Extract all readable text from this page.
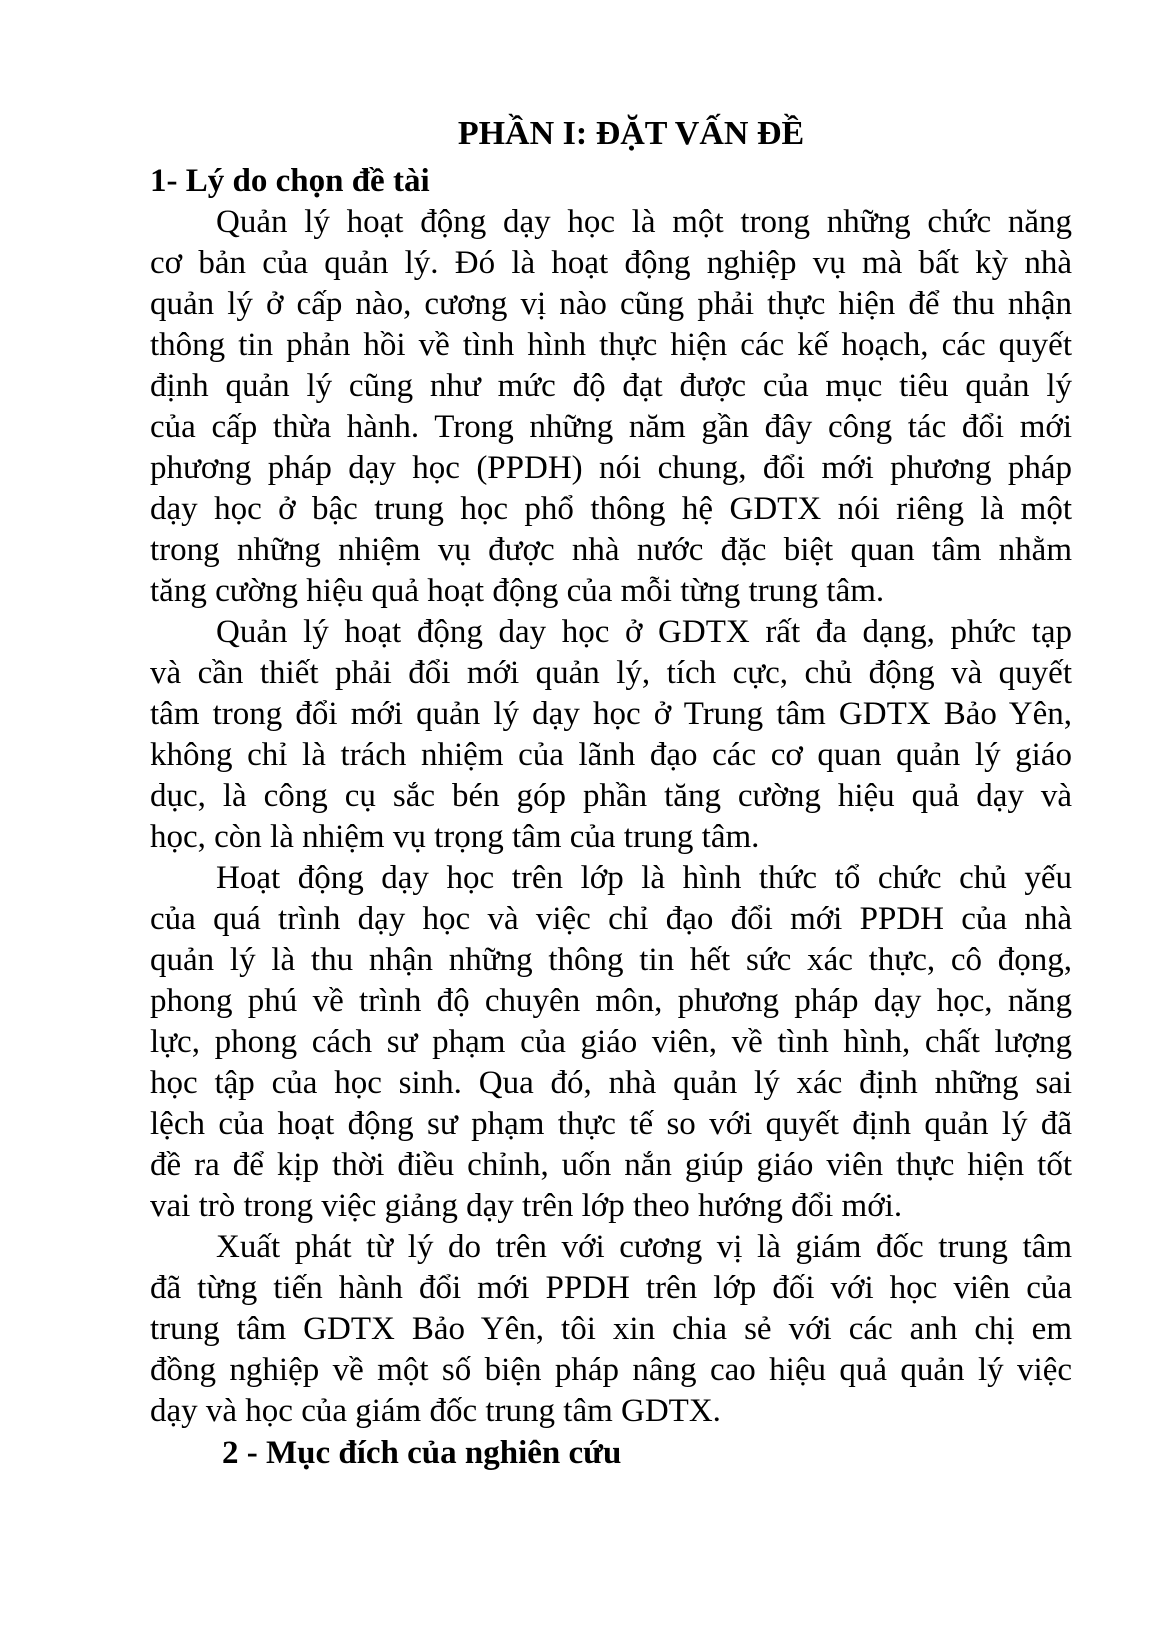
PHẦN I: ĐẶT VẤN ĐỀ
1- Lý do chọn đề tài
Quản lý hoạt động dạy học là một trong những chức năng
cơ bản của quản lý. Đó là hoạt động nghiệp vụ mà bất kỳ nhà
quản lý ở cấp nào, cương vị nào cũng phải thực hiện để thu nhận
thông tin phản hồi về tình hình thực hiện các kế hoạch, các quyết
định quản lý cũng như mức độ đạt được của mục tiêu quản lý
của cấp thừa hành. Trong những năm gần đây công tác đổi mới
phương pháp dạy học (PPDH) nói chung, đổi mới phương pháp
dạy học ở bậc trung học phổ thông hệ GDTX nói riêng là một
trong những nhiệm vụ được nhà nước đặc biệt quan tâm nhằm
tăng cường hiệu quả hoạt động của mỗi từng trung tâm.
Quản lý hoạt động day học ở GDTX rất đa dạng, phức tạp
và cần thiết phải đổi mới quản lý, tích cực, chủ động và quyết
tâm trong đổi mới quản lý dạy học ở Trung tâm GDTX Bảo Yên,
không chỉ là trách nhiệm của lãnh đạo các cơ quan quản lý giáo
dục, là công cụ sắc bén góp phần tăng cường hiệu quả dạy và
học, còn là nhiệm vụ trọng tâm của trung tâm.
Hoạt động dạy học trên lớp là hình thức tổ chức chủ yếu
của quá trình dạy học và việc chỉ đạo đổi mới PPDH của nhà
quản lý là thu nhận những thông tin hết sức xác thực, cô đọng,
phong phú về trình độ chuyên môn, phương pháp dạy học, năng
lực, phong cách sư phạm của giáo viên, về tình hình, chất lượng
học tập của học sinh. Qua đó, nhà quản lý xác định những sai
lệch của hoạt động sư phạm thực tế so với quyết định quản lý đã
đề ra để kịp thời điều chỉnh, uốn nắn giúp giáo viên thực hiện tốt
vai trò trong việc giảng dạy trên lớp theo hướng đổi mới.
Xuất phát từ lý do trên với cương vị là giám đốc trung tâm
đã từng tiến hành đổi mới PPDH trên lớp đối với học viên của
trung tâm GDTX Bảo Yên, tôi xin chia sẻ với các anh chị em
đồng nghiệp về một số biện pháp nâng cao hiệu quả quản lý việc
dạy và học của giám đốc trung tâm GDTX.
2 - Mục đích của nghiên cứu
